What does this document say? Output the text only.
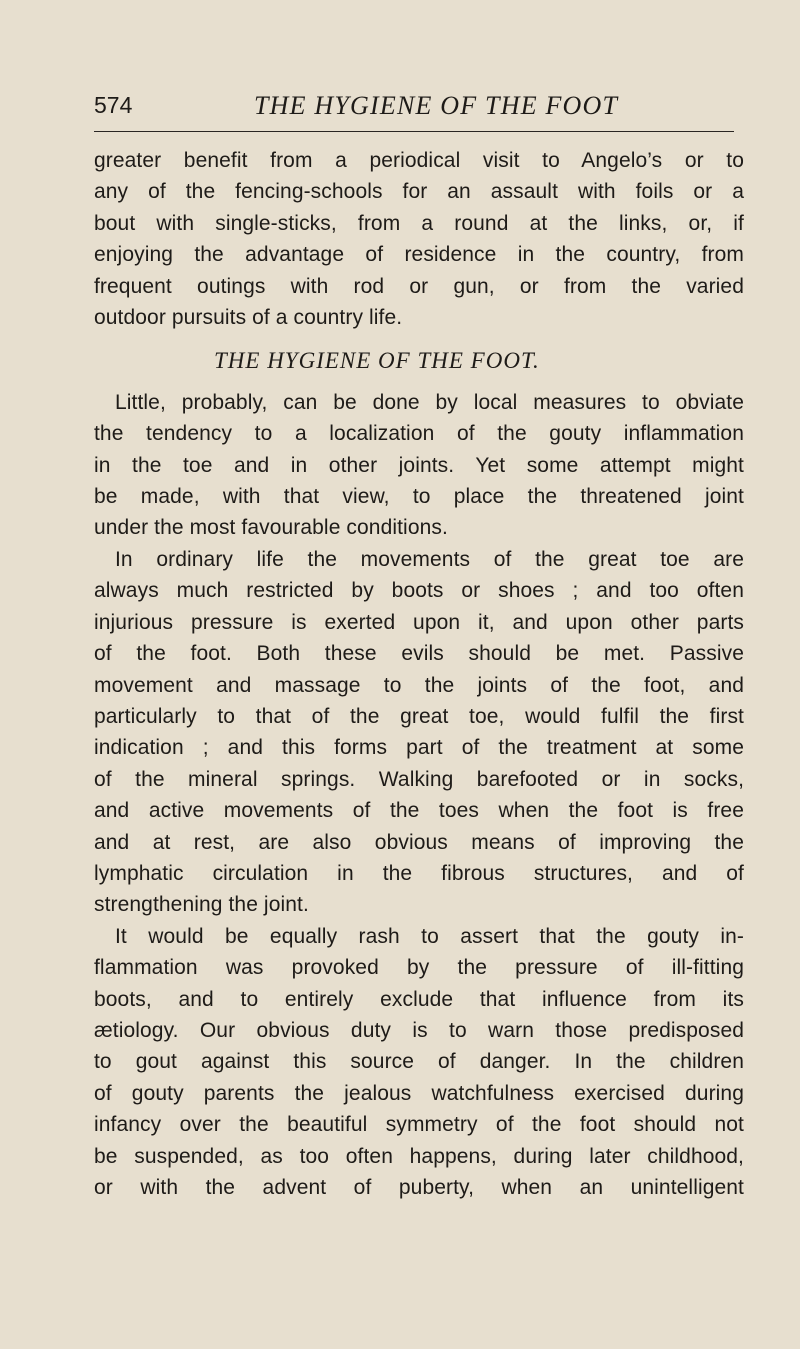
574	THE HYGIENE OF THE FOOT

greater benefit from a periodical visit to Angelo’s or to
any of the fencing-schools for an assault with foils or a
bout with single-sticks, from a round at the links, or, if
enjoying the advantage of residence in the country, from
frequent outings with rod or gun, or from the varied
outdoor pursuits of a country life.

THE HYGIENE OF THE FOOT.

Little, probably, can be done by local measures to obviate
the tendency to a localization of the gouty inflammation
in the toe and in other joints. Yet some attempt might
be made, with that view, to place the threatened joint
under the most favourable conditions.

In ordinary life the movements of the great toe are
always much restricted by boots or shoes ; and too often
injurious pressure is exerted upon it, and upon other parts
of the foot. Both these evils should be met. Passive
movement and massage to the joints of the foot, and
particularly to that of the great toe, would fulfil the first
indication ; and this forms part of the treatment at some
of the mineral springs. Walking barefooted or in socks,
and active movements of the toes when the foot is free
and at rest, are also obvious means of improving the
lymphatic circulation in the fibrous structures, and of
strengthening the joint.

It would be equally rash to assert that the gouty in-
flammation was provoked by the pressure of ill-fitting
boots, and to entirely exclude that influence from its
ætiology. Our obvious duty is to warn those predisposed
to gout against this source of danger. In the children
of gouty parents the jealous watchfulness exercised during
infancy over the beautiful symmetry of the foot should not
be suspended, as too often happens, during later childhood,
or with the advent of puberty, when an unintelligent
